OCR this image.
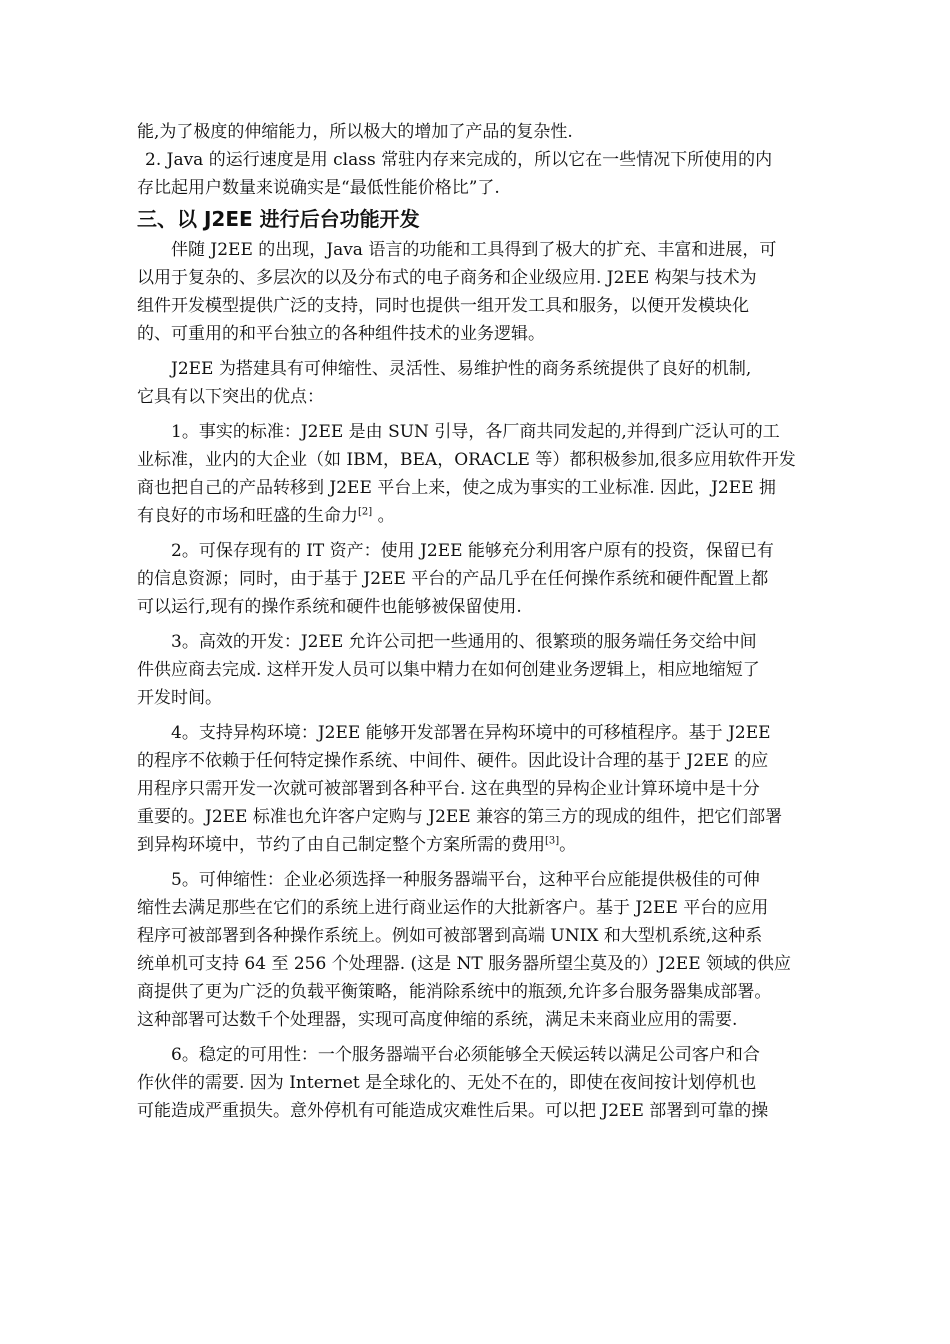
能,为了极度的伸缩能力，所以极大的增加了产品的复杂性.
2. Java 的运行速度是用 class 常驻内存来完成的，所以它在一些情况下所使用的内
存比起用户数量来说确实是“最低性能价格比”了.
三、以 J2EE 进行后台功能开发
伴随 J2EE 的出现，Java 语言的功能和工具得到了极大的扩充、丰富和进展，可
以用于复杂的、多层次的以及分布式的电子商务和企业级应用. J2EE 构架与技术为
组件开发模型提供广泛的支持，同时也提供一组开发工具和服务，以便开发模块化
的、可重用的和平台独立的各种组件技术的业务逻辑。
J2EE 为搭建具有可伸缩性、灵活性、易维护性的商务系统提供了良好的机制,
它具有以下突出的优点：
1。事实的标准：J2EE 是由 SUN 引导，各厂商共同发起的,并得到广泛认可的工
业标准，业内的大企业（如 IBM，BEA，ORACLE 等）都积极参加,很多应用软件开发
商也把自己的产品转移到 J2EE 平台上来，使之成为事实的工业标准. 因此，J2EE 拥
有良好的市场和旺盛的生命力[2] 。
2。可保存现有的 IT 资产：使用 J2EE 能够充分利用客户原有的投资，保留已有
的信息资源；同时，由于基于 J2EE 平台的产品几乎在任何操作系统和硬件配置上都
可以运行,现有的操作系统和硬件也能够被保留使用.
3。高效的开发：J2EE 允许公司把一些通用的、很繁琐的服务端任务交给中间
件供应商去完成. 这样开发人员可以集中精力在如何创建业务逻辑上，相应地缩短了
开发时间。
4。支持异构环境：J2EE 能够开发部署在异构环境中的可移植程序。基于 J2EE
的程序不依赖于任何特定操作系统、中间件、硬件。因此设计合理的基于 J2EE 的应
用程序只需开发一次就可被部署到各种平台. 这在典型的异构企业计算环境中是十分
重要的。J2EE 标准也允许客户定购与 J2EE 兼容的第三方的现成的组件，把它们部署
到异构环境中，节约了由自己制定整个方案所需的费用[3]。
5。可伸缩性：企业必须选择一种服务器端平台，这种平台应能提供极佳的可伸
缩性去满足那些在它们的系统上进行商业运作的大批新客户。基于 J2EE 平台的应用
程序可被部署到各种操作系统上。例如可被部署到高端 UNIX 和大型机系统,这种系
统单机可支持 64 至 256 个处理器. (这是 NT 服务器所望尘莫及的）J2EE 领域的供应
商提供了更为广泛的负载平衡策略，能消除系统中的瓶颈,允许多台服务器集成部署。
这种部署可达数千个处理器，实现可高度伸缩的系统，满足未来商业应用的需要.
6。稳定的可用性：一个服务器端平台必须能够全天候运转以满足公司客户和合
作伙伴的需要. 因为 Internet 是全球化的、无处不在的，即使在夜间按计划停机也
可能造成严重损失。意外停机有可能造成灾难性后果。可以把 J2EE 部署到可靠的操
